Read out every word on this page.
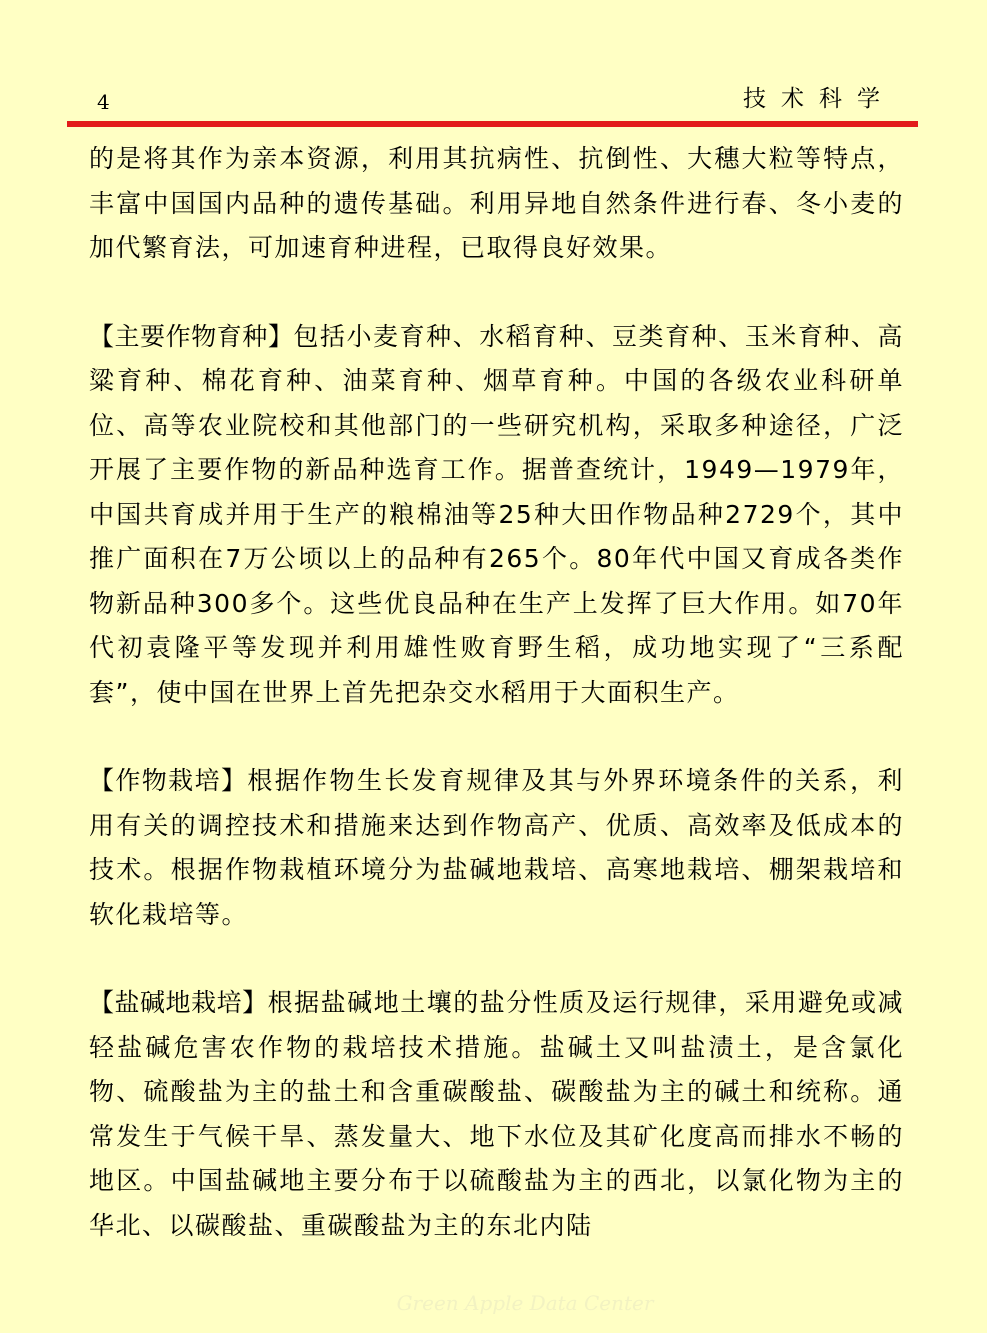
4	技术科学

的是将其作为亲本资源，利用其抗病性、抗倒性、大穗大粒等特点，丰富中国国内品种的遗传基础。利用异地自然条件进行春、冬小麦的加代繁育法，可加速育种进程，已取得良好效果。

【主要作物育种】包括小麦育种、水稻育种、豆类育种、玉米育种、高粱育种、棉花育种、油菜育种、烟草育种。中国的各级农业科研单位、高等农业院校和其他部门的一些研究机构，采取多种途径，广泛开展了主要作物的新品种选育工作。据普查统计，1949—1979年，中国共育成并用于生产的粮棉油等25种大田作物品种2729个，其中推广面积在7万公顷以上的品种有265个。80年代中国又育成各类作物新品种300多个。这些优良品种在生产上发挥了巨大作用。如70年代初袁隆平等发现并利用雄性败育野生稻，成功地实现了“三系配套”，使中国在世界上首先把杂交水稻用于大面积生产。

【作物栽培】根据作物生长发育规律及其与外界环境条件的关系，利用有关的调控技术和措施来达到作物高产、优质、高效率及低成本的技术。根据作物栽植环境分为盐碱地栽培、高寒地栽培、棚架栽培和软化栽培等。

【盐碱地栽培】根据盐碱地土壤的盐分性质及运行规律，采用避免或减轻盐碱危害农作物的栽培技术措施。盐碱土又叫盐渍土，是含氯化物、硫酸盐为主的盐土和含重碳酸盐、碳酸盐为主的碱土和统称。通常发生于气候干旱、蒸发量大、地下水位及其矿化度高而排水不畅的地区。中国盐碱地主要分布于以硫酸盐为主的西北，以氯化物为主的华北、以碳酸盐、重碳酸盐为主的东北内陆

Green Apple Data Center
